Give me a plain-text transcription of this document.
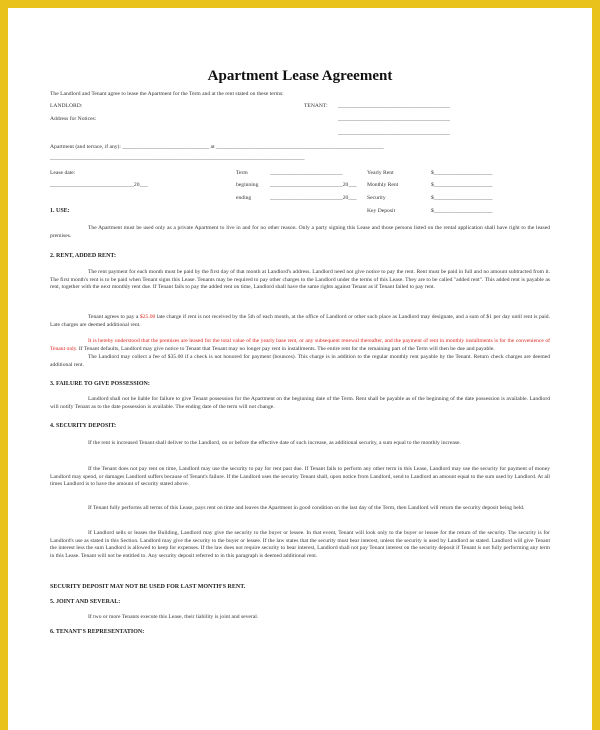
Apartment Lease Agreement
The Landlord and Tenant agree to lease the Apartment for the Term and at the rent stated on these terms:
LANDLORD:	TENANT: ________________________________________
Address for Notices:	________________________________________
________________________________________
Apartment (and terrace, if any): _______________________________ at ____________________________________________________________
___________________________________________________________________________________________
Lease date:
______________________________20___
Term	__________________________
beginning __________________________20___
ending	__________________________20___
Yearly Rent	$_____________________
Monthly Rent	$_____________________
Security	$_____________________
Key Deposit	$_____________________
1. USE:
The Apartment must be used only as a private Apartment to live in and for no other reason. Only a party signing this Lease and those persons listed on the rental application shall have right to the leased premises.
2. RENT, ADDED RENT:
The rent payment for each month must be paid by the first day of that month at Landlord's address. Landlord need not give notice to pay the rent. Rent must be paid in full and no amount subtracted from it. The first month's rent is to be paid when Tenant signs this Lease. Tenants may be required to pay other charges to the Landlord under the terms of this Lease. They are to be called "added rent". This added rent is payable as rent, together with the next monthly rent due. If Tenant fails to pay the added rent on time, Landlord shall have the same rights against Tenant as if Tenant failed to pay rent.
Tenant agrees to pay a $25.00 late charge if rent is not received by the 5th of each month, at the office of Landlord or other such place as Landlord may designate, and a sum of $1 per day until rent is paid. Late charges are deemed additional rent.
It is hereby understood that the premises are leased for the total value of the yearly base rent, or any subsequent renewal thereafter, and the payment of rent in monthly installments is for the convenience of Tenant only. If Tenant defaults, Landlord may give notice to Tenant that Tenant may no longer pay rent in installments. The entire rent for the remaining part of the Term will then be due and payable.
The Landlord may collect a fee of $35.00 if a check is not honored for payment (bounces). This charge is in addition to the regular monthly rent payable by the Tenant. Return check charges are deemed additional rent.
3. FAILURE TO GIVE POSSESSION:
Landlord shall not be liable for failure to give Tenant possession for the Apartment on the beginning date of the Term. Rent shall be payable as of the beginning of the date possession is available. Landlord will notify Tenant as to the date possession is available. The ending date of the term will not change.
4. SECURITY DEPOSIT:
If the rent is increased Tenant shall deliver to the Landlord, on or before the effective date of such increase, as additional security, a sum equal to the monthly increase.
If the Tenant does not pay rent on time, Landlord may use the security to pay for rent past due. If Tenant fails to perform any other term in this Lease, Landlord may use the security for payment of money Landlord may spend, or damages Landlord suffers because of Tenant's failure. If the Landlord uses the security Tenant shall, upon notice from Landlord, send to Landlord an amount equal to the sum used by Landlord. At all times Landlord is to have the amount of security stated above.
If Tenant fully performs all terms of this Lease, pays rent on time and leaves the Apartment in good condition on the last day of the Term, then Landlord will return the security deposit being held.
If Landlord sells or leases the Building, Landlord may give the security to the buyer or lessee. In that event, Tenant will look only to the buyer or lessee for the return of the security. The security is for Landlord's use as stated in this Section. Landlord may give the security to the buyer or lessee. If the law states that the security must bear interest, unless the security is used by Landlord as stated. Landlord will give Tenant the interest less the sum Landlord is allowed to keep for expenses. If the law does not require security to bear interest, Landlord shall not pay Tenant interest on the security deposit if Tenant is not fully performing any term in this Lease. Tenant will not be entitled to. Any security deposit referred to in this paragraph is deemed additional rent.
SECURITY DEPOSIT MAY NOT BE USED FOR LAST MONTH'S RENT.
5. JOINT AND SEVERAL:
If two or more Tenants execute this Lease, their liability is joint and several.
6. TENANT'S REPRESENTATION:
